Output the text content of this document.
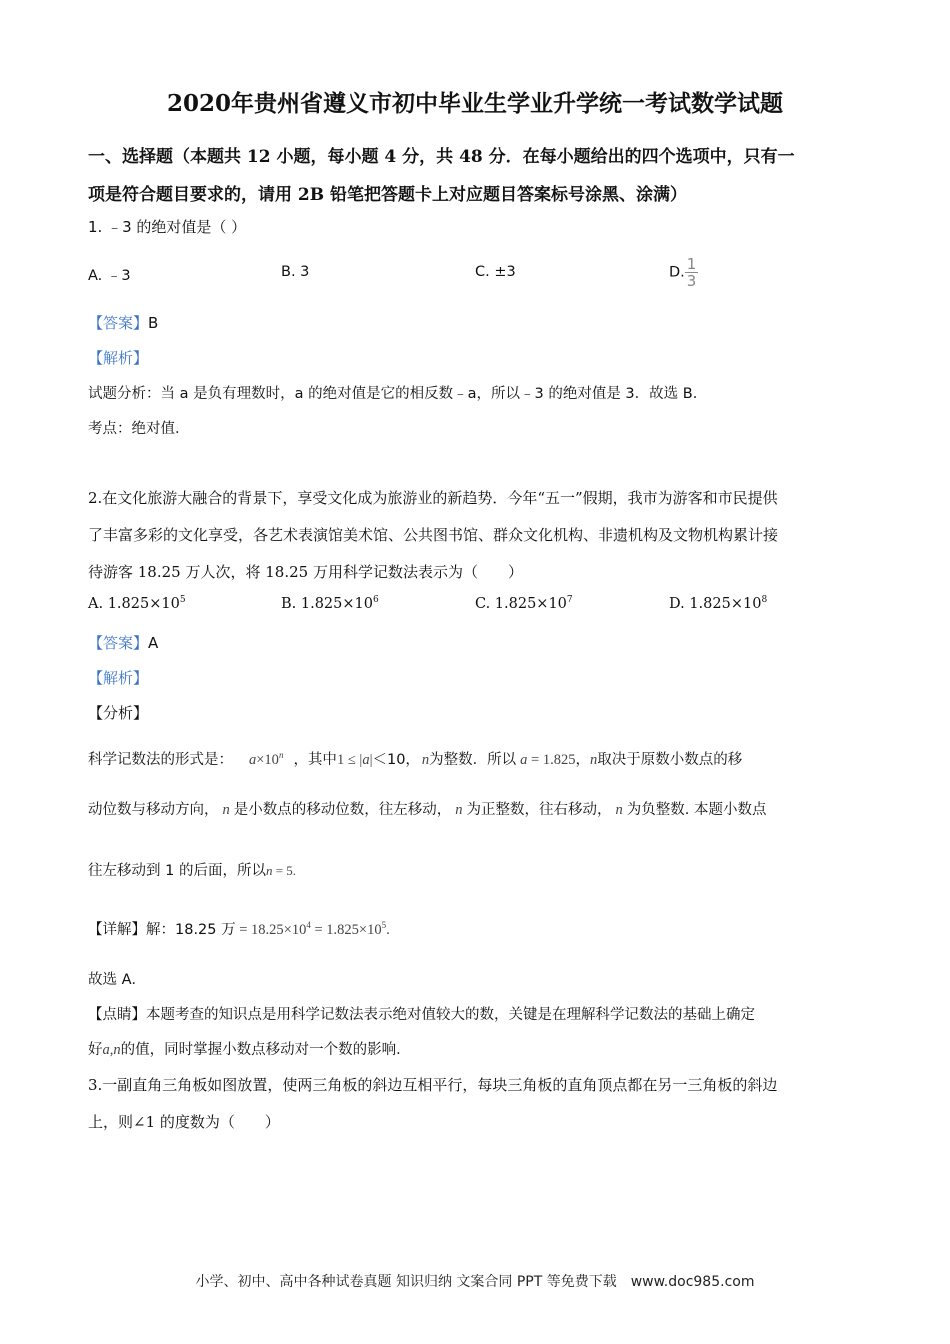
2020年贵州省遵义市初中毕业生学业升学统一考试数学试题
一、选择题（本题共 12 小题，每小题 4 分，共 48 分．在每小题给出的四个选项中，只有一
项是符合题目要求的，请用 2B 铅笔把答题卡上对应题目答案标号涂黑、涂满）
1. ﹣3 的绝对值是（ ）
A. ﹣3	B. 3	C. ±3	D. $\frac{1}{3}$
【答案】B
【解析】
试题分析：当 a 是负有理数时，a 的绝对值是它的相反数﹣a，所以﹣3 的绝对值是 3．故选 B．
考点：绝对值．
2.在文化旅游大融合的背景下，享受文化成为旅游业的新趋势．今年“五一”假期，我市为游客和市民提供
了丰富多彩的文化享受，各艺术表演馆美术馆、公共图书馆、群众文化机构、非遗机构及文物机构累计接
待游客 18.25 万人次，将 18.25 万用科学记数法表示为（　　）
A. $1.825\times 10^5$	B. $1.825\times 10^6$	C. $1.825\times 10^7$	D. $1.825\times 10^8$
【答案】A
【解析】
【分析】
科学记数法的形式是： $a\times 10^n$ ，其中1 ≤ |a|＜10， n为整数．所以 a = 1.825，n取决于原数小数点的移
动位数与移动方向， n 是小数点的移动位数，往左移动， n 为正整数，往右移动， n 为负整数. 本题小数点
往左移动到 1 的后面，所以n = 5.
【详解】解：18.25 万 = $18.25\times 10^4 = 1.825\times 10^5$.
故选 A．
【点睛】本题考查的知识点是用科学记数法表示绝对值较大的数，关键是在理解科学记数法的基础上确定
好a,n的值，同时掌握小数点移动对一个数的影响．
3.一副直角三角板如图放置，使两三角板的斜边互相平行，每块三角板的直角顶点都在另一三角板的斜边
上，则∠1 的度数为（　　）
小学、初中、高中各种试卷真题 知识归纳 文案合同 PPT 等免费下载　www.doc985.com
